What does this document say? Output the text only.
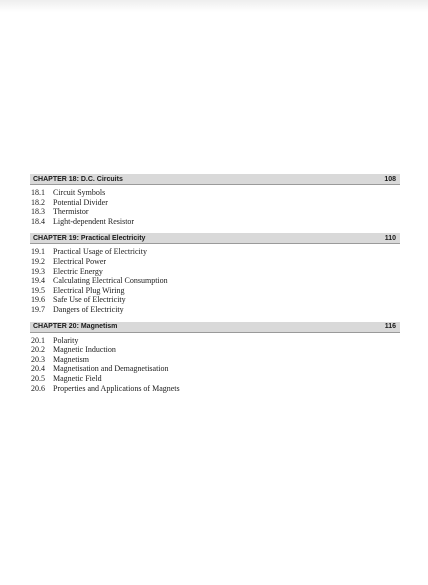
CHAPTER 18: D.C. Circuits	108
18.1	Circuit Symbols
18.2	Potential Divider
18.3	Thermistor
18.4	Light-dependent Resistor
CHAPTER 19: Practical Electricity	110
19.1	Practical Usage of Electricity
19.2	Electrical Power
19.3	Electric Energy
19.4	Calculating Electrical Consumption
19.5	Electrical Plug Wiring
19.6	Safe Use of Electricity
19.7	Dangers of Electricity
CHAPTER 20: Magnetism	116
20.1	Polarity
20.2	Magnetic Induction
20.3	Magnetism
20.4	Magnetisation and Demagnetisation
20.5	Magnetic Field
20.6	Properties and Applications of Magnets
